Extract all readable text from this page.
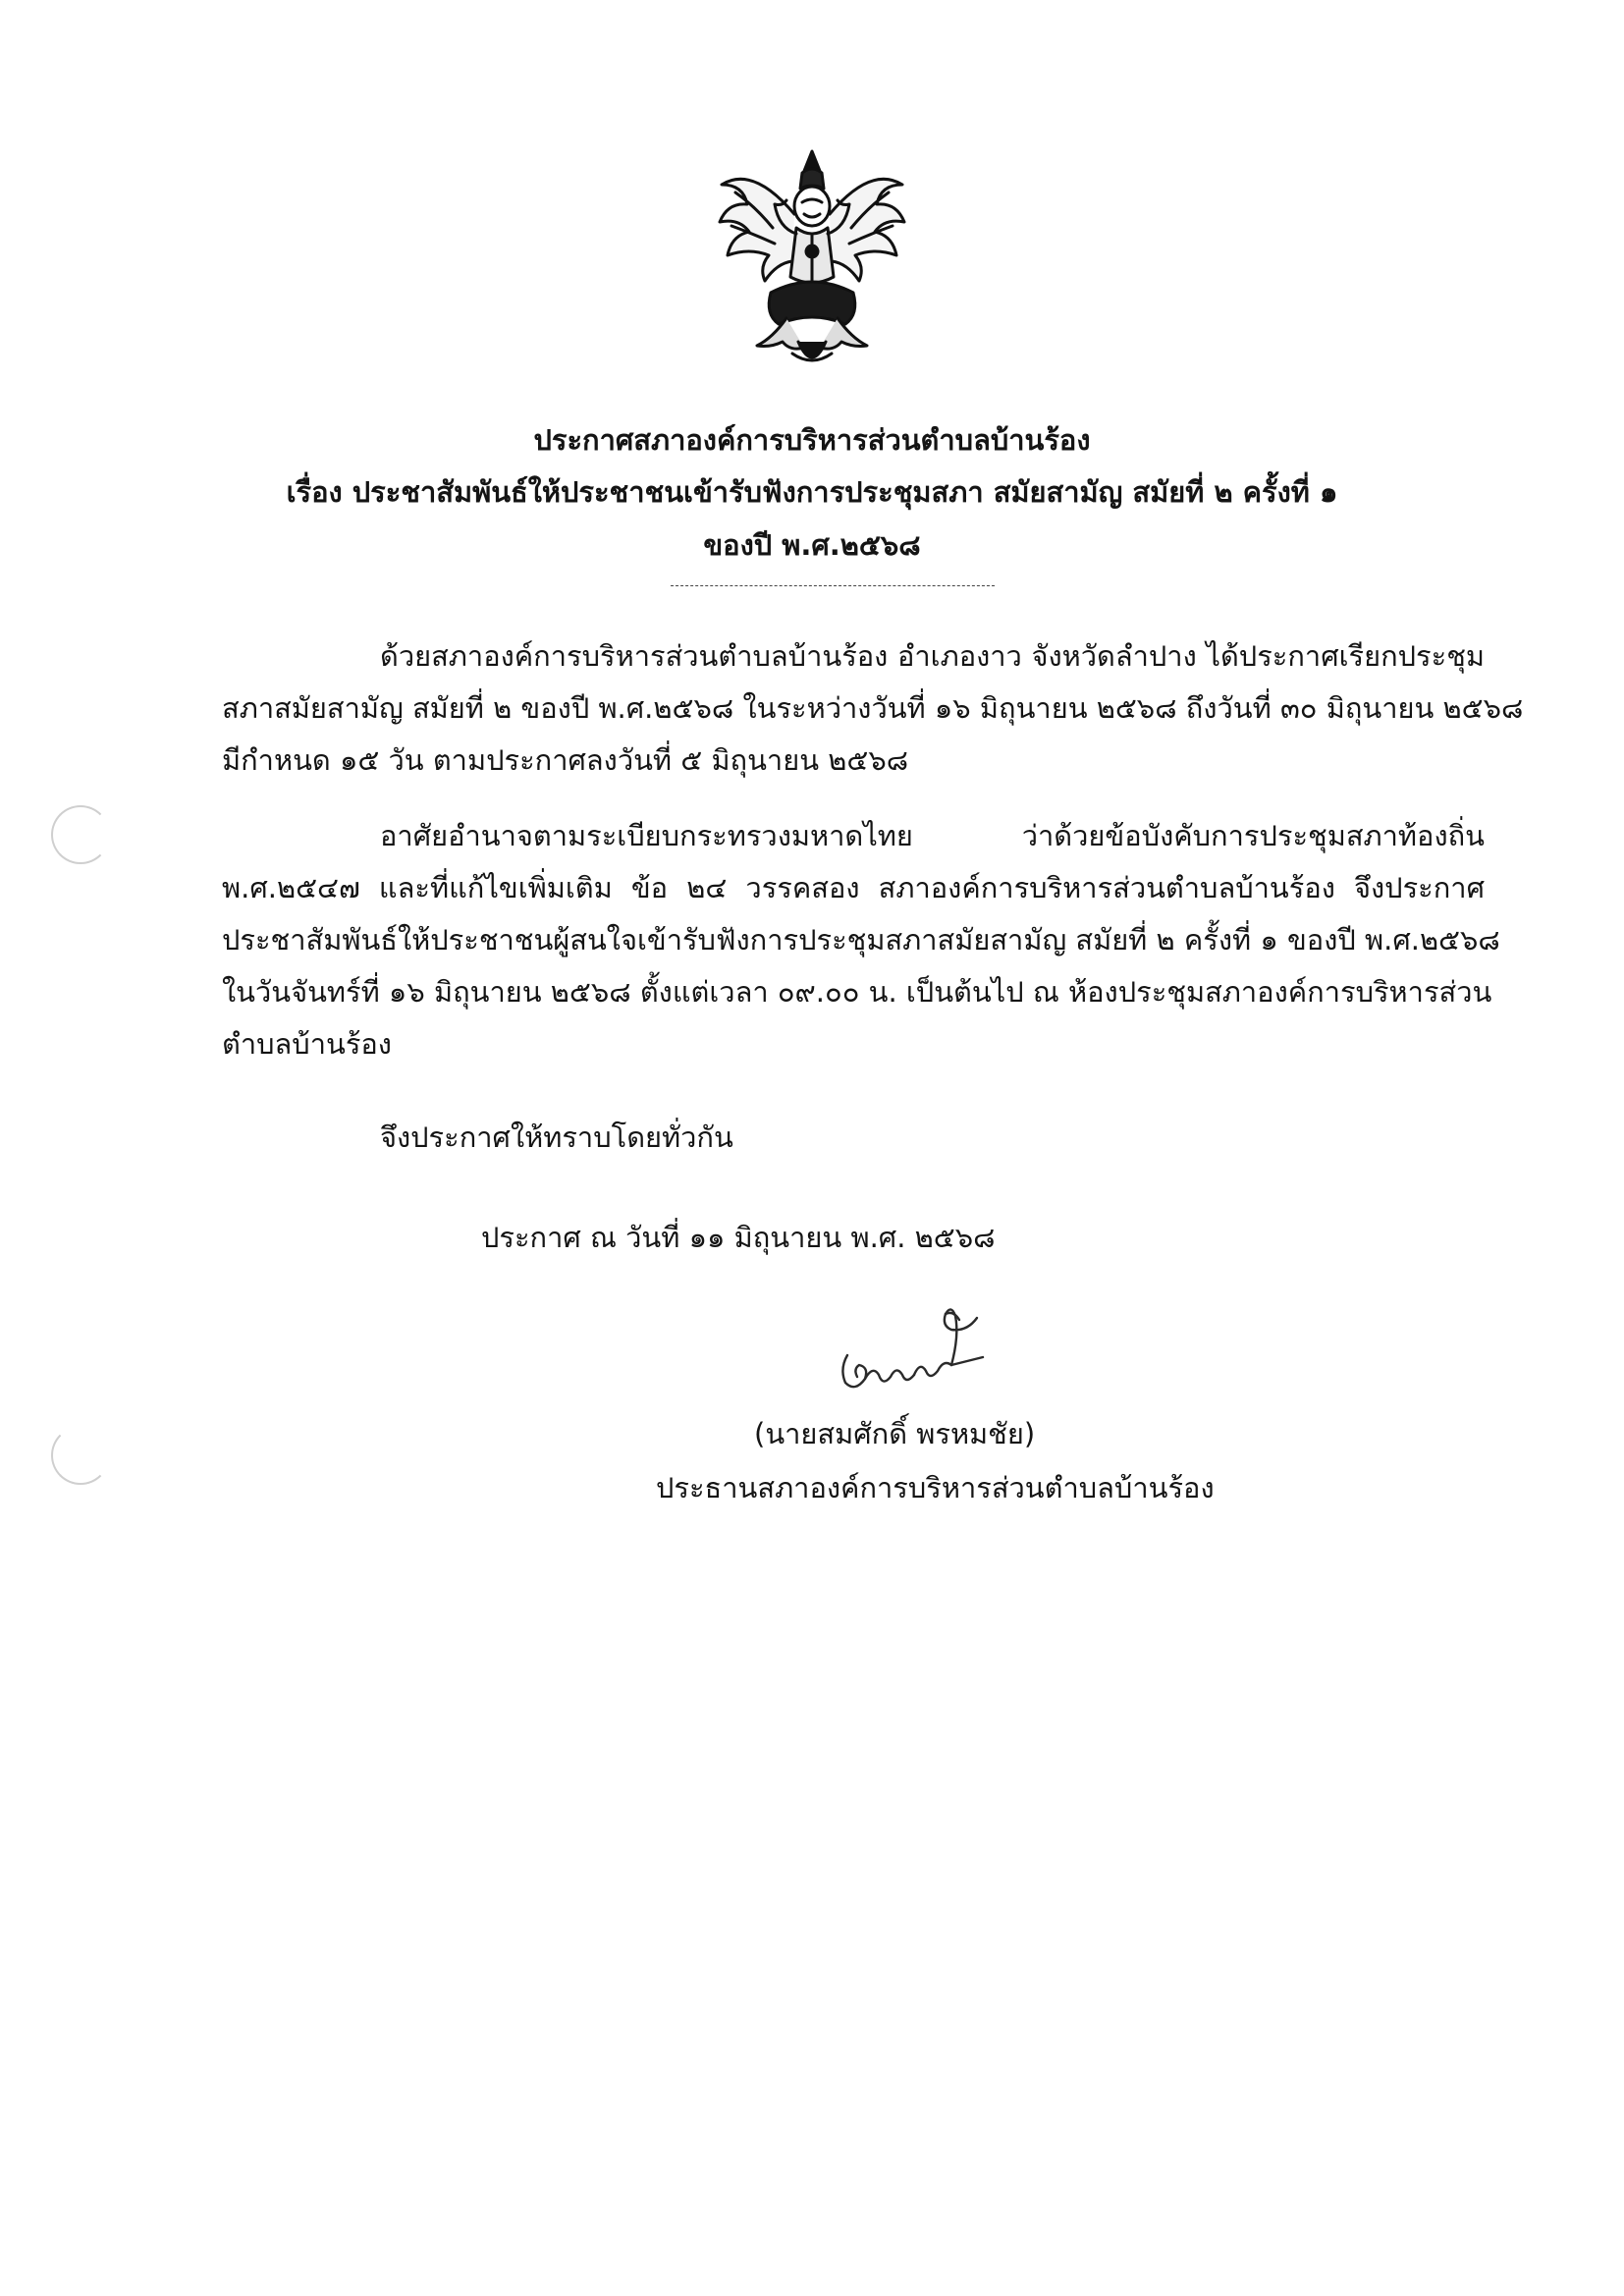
ประกาศสภาองค์การบริหารส่วนตำบลบ้านร้อง
เรื่อง ประชาสัมพันธ์ให้ประชาชนเข้ารับฟังการประชุมสภา สมัยสามัญ สมัยที่ ๒ ครั้งที่ ๑
ของปี พ.ศ.๒๕๖๘
ด้วยสภาองค์การบริหารส่วนตำบลบ้านร้อง อำเภองาว จังหวัดลำปาง ได้ประกาศเรียกประชุม
สภาสมัยสามัญ สมัยที่ ๒ ของปี พ.ศ.๒๕๖๘ ในระหว่างวันที่ ๑๖ มิถุนายน ๒๕๖๘ ถึงวันที่ ๓๐ มิถุนายน ๒๕๖๘
มีกำหนด ๑๕ วัน ตามประกาศลงวันที่ ๕ มิถุนายน ๒๕๖๘
อาศัยอำนาจตามระเบียบกระทรวงมหาดไทย ว่าด้วยข้อบังคับการประชุมสภาท้องถิ่น
พ.ศ.๒๕๔๗ และที่แก้ไขเพิ่มเติม ข้อ ๒๔ วรรคสอง สภาองค์การบริหารส่วนตำบลบ้านร้อง จึงประกาศ
ประชาสัมพันธ์ให้ประชาชนผู้สนใจเข้ารับฟังการประชุมสภาสมัยสามัญ สมัยที่ ๒ ครั้งที่ ๑ ของปี พ.ศ.๒๕๖๘
ในวันจันทร์ที่ ๑๖ มิถุนายน ๒๕๖๘ ตั้งแต่เวลา ๐๙.๐๐ น. เป็นต้นไป ณ ห้องประชุมสภาองค์การบริหารส่วน
ตำบลบ้านร้อง
จึงประกาศให้ทราบโดยทั่วกัน
ประกาศ ณ วันที่ ๑๑ มิถุนายน พ.ศ. ๒๕๖๘
(นายสมศักดิ์ พรหมชัย)
ประธานสภาองค์การบริหารส่วนตำบลบ้านร้อง
